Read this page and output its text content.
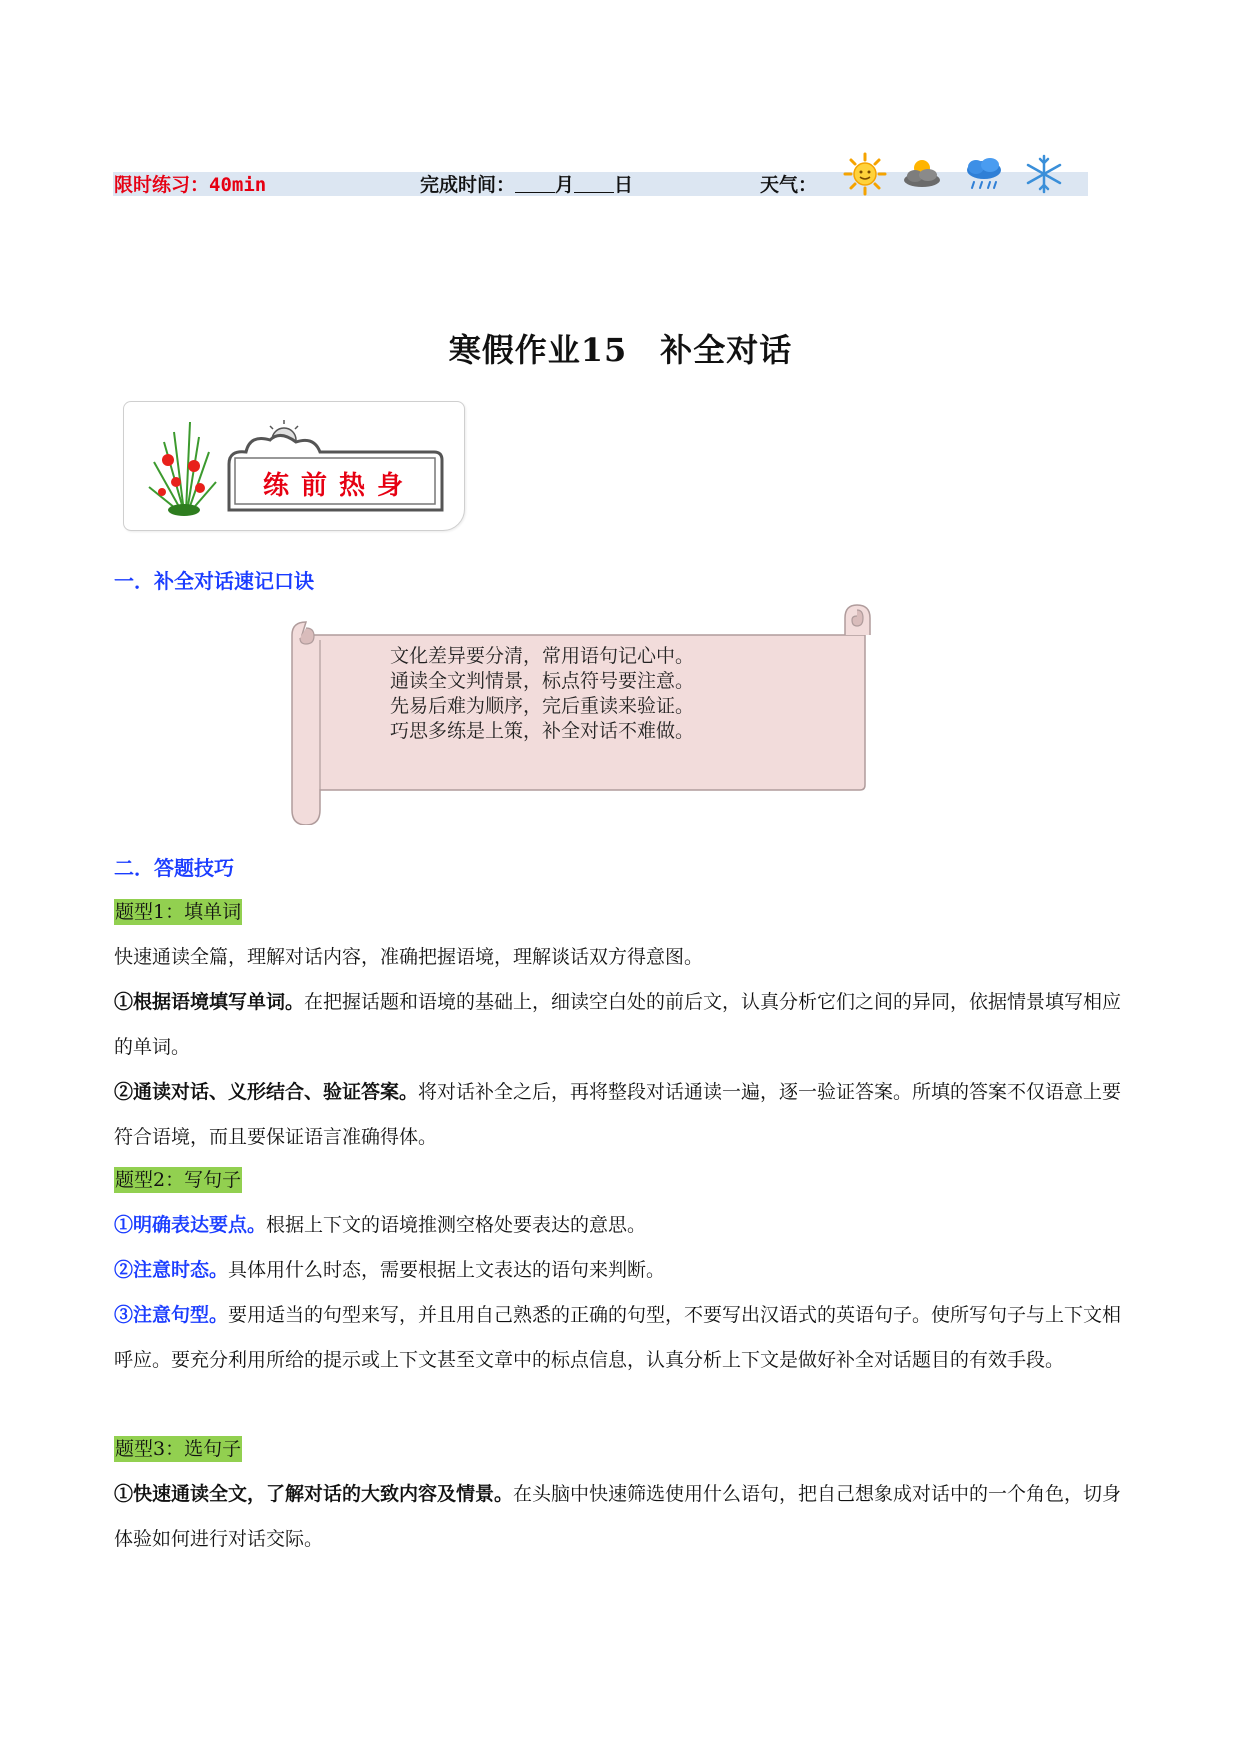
限时练习：40min	完成时间： 月 日	天气：
寒假作业15　补全对话
练前热身
一．补全对话速记口诀
文化差异要分清，常用语句记心中。
通读全文判情景，标点符号要注意。
先易后难为顺序，完后重读来验证。
巧思多练是上策，补全对话不难做。
二．答题技巧
题型1：填单词
快速通读全篇，理解对话内容，准确把握语境，理解谈话双方得意图。
①根据语境填写单词。在把握话题和语境的基础上，细读空白处的前后文，认真分析它们之间的异同，依据情景填写相应的单词。
②通读对话、义形结合、验证答案。将对话补全之后，再将整段对话通读一遍，逐一验证答案。所填的答案不仅语意上要符合语境，而且要保证语言准确得体。
题型2：写句子
①明确表达要点。根据上下文的语境推测空格处要表达的意思。
②注意时态。具体用什么时态，需要根据上文表达的语句来判断。
③注意句型。要用适当的句型来写，并且用自己熟悉的正确的句型，不要写出汉语式的英语句子。使所写句子与上下文相呼应。要充分利用所给的提示或上下文甚至文章中的标点信息，认真分析上下文是做好补全对话题目的有效手段。
题型3：选句子
①快速通读全文，了解对话的大致内容及情景。在头脑中快速筛选使用什么语句，把自己想象成对话中的一个角色，切身体验如何进行对话交际。
